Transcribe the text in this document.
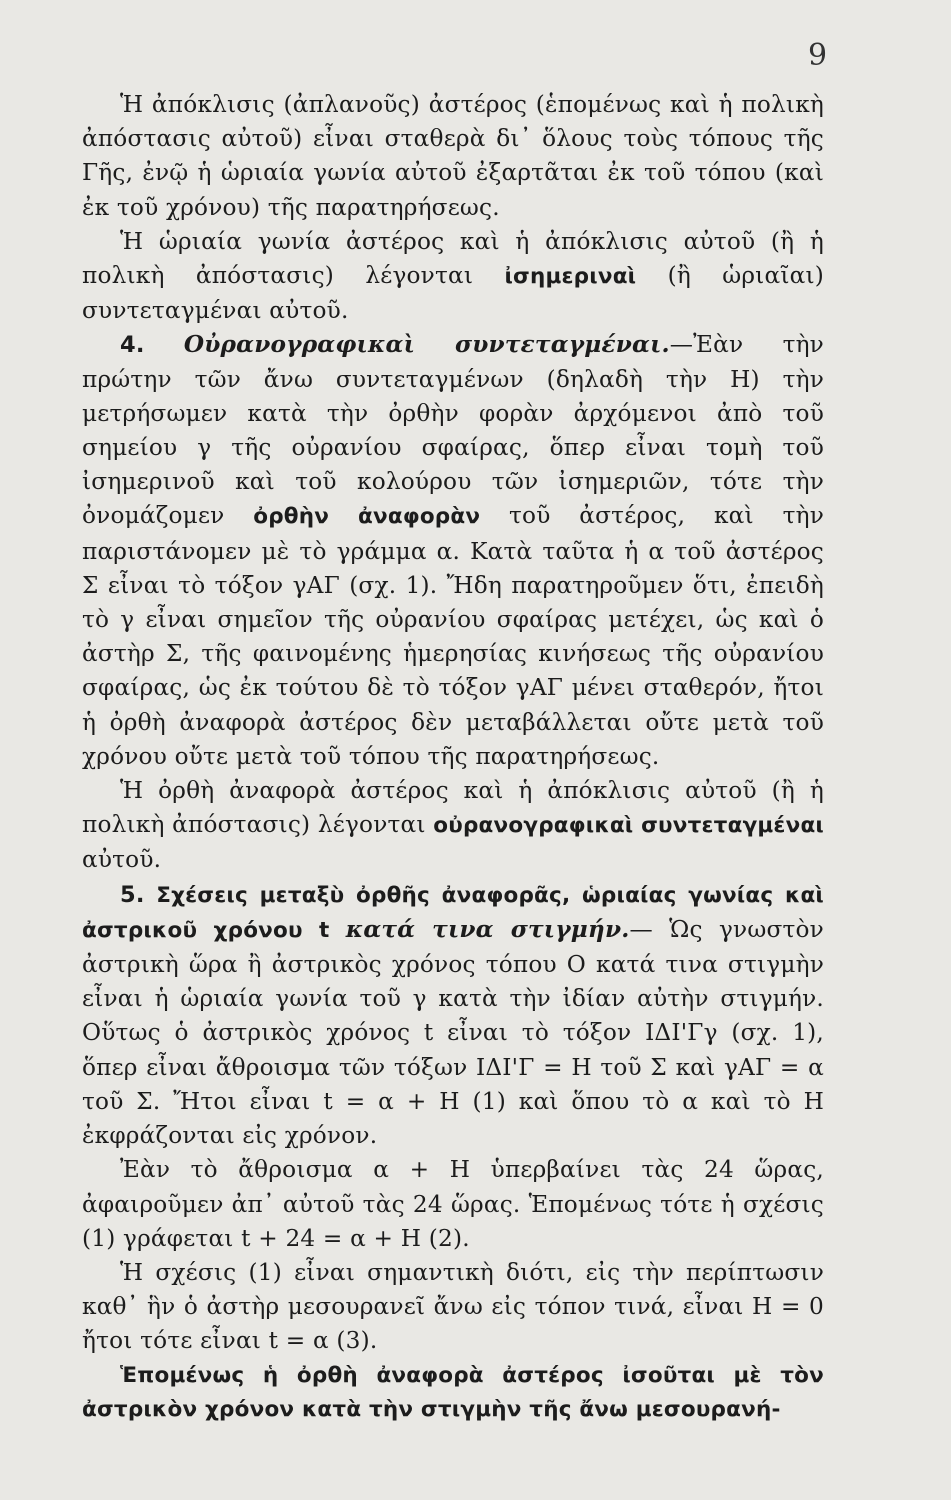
9

Ἡ ἀπόκλισις (ἀπλανοῦς) ἀστέρος (ἑπομένως καὶ ἡ πολικὴ ἀπόστασις αὐτοῦ) εἶναι σταθερὰ δι᾿ ὅλους τοὺς τόπους τῆς Γῆς, ἐνῷ ἡ ὡριαία γωνία αὐτοῦ ἐξαρτᾶται ἐκ τοῦ τόπου (καὶ ἐκ τοῦ χρόνου) τῆς παρατηρήσεως.

Ἡ ὡριαία γωνία ἀστέρος καὶ ἡ ἀπόκλισις αὐτοῦ (ἢ ἡ πολικὴ ἀπόστασις) λέγονται ἰσημεριναὶ (ἢ ὡριαῖαι) συντεταγμέναι αὐτοῦ.

4. Οὐρανογραφικαὶ συντεταγμέναι.—Ἐὰν τὴν πρώτην τῶν ἄνω συντεταγμένων (δηλαδὴ τὴν Η) τὴν μετρήσωμεν κατὰ τὴν ὀρθὴν φορὰν ἀρχόμενοι ἀπὸ τοῦ σημείου γ τῆς οὐρανίου σφαίρας, ὅπερ εἶναι τομὴ τοῦ ἰσημερινοῦ καὶ τοῦ κολούρου τῶν ἰσημεριῶν, τότε τὴν ὀνομάζομεν ὀρθὴν ἀναφορὰν τοῦ ἀστέρος, καὶ τὴν παριστάνομεν μὲ τὸ γράμμα α. Κατὰ ταῦτα ἡ α τοῦ ἀστέρος Σ εἶναι τὸ τόξον γΑΓ (σχ. 1). Ἤδη παρατηροῦμεν ὅτι, ἐπειδὴ τὸ γ εἶναι σημεῖον τῆς οὐρανίου σφαίρας μετέχει, ὡς καὶ ὁ ἀστὴρ Σ, τῆς φαινομένης ἡμερησίας κινήσεως τῆς οὐρανίου σφαίρας, ὡς ἐκ τούτου δὲ τὸ τόξον γΑΓ μένει σταθερόν, ἤτοι ἡ ὀρθὴ ἀναφορὰ ἀστέρος δὲν μεταβάλλεται οὔτε μετὰ τοῦ χρόνου οὔτε μετὰ τοῦ τόπου τῆς παρατηρήσεως.

Ἡ ὀρθὴ ἀναφορὰ ἀστέρος καὶ ἡ ἀπόκλισις αὐτοῦ (ἢ ἡ πολικὴ ἀπόστασις) λέγονται οὐρανογραφικαὶ συντεταγμέναι αὐτοῦ.

5. Σχέσεις μεταξὺ ὀρθῆς ἀναφορᾶς, ὡριαίας γωνίας καὶ ἀστρικοῦ χρόνου t κατά τινα στιγμήν.— Ὡς γνωστὸν ἀστρικὴ ὥρα ἢ ἀστρικὸς χρόνος τόπου Ο κατά τινα στιγμὴν εἶναι ἡ ὡριαία γωνία τοῦ γ κατὰ τὴν ἰδίαν αὐτὴν στιγμήν. Οὕτως ὁ ἀστρικὸς χρόνος t εἶναι τὸ τόξον ΙΔΙ'Γγ (σχ. 1), ὅπερ εἶναι ἄθροισμα τῶν τόξων ΙΔΙ'Γ = Η τοῦ Σ καὶ γΑΓ = α τοῦ Σ. Ἤτοι εἶναι t = α + Η (1) καὶ ὅπου τὸ α καὶ τὸ Η ἐκφράζονται εἰς χρόνον.

Ἐὰν τὸ ἄθροισμα α + Η ὑπερβαίνει τὰς 24 ὥρας, ἀφαιροῦμεν ἀπ᾿ αὐτοῦ τὰς 24 ὥρας. Ἑπομένως τότε ἡ σχέσις (1) γράφεται t + 24 = α + Η (2).

Ἡ σχέσις (1) εἶναι σημαντικὴ διότι, εἰς τὴν περίπτωσιν καθ᾿ ἣν ὁ ἀστὴρ μεσουρανεῖ ἄνω εἰς τόπον τινά, εἶναι Η = 0 ἤτοι τότε εἶναι t = α (3).

Ἑπομένως ἡ ὀρθὴ ἀναφορὰ ἀστέρος ἰσοῦται μὲ τὸν ἀστρικὸν χρόνον κατὰ τὴν στιγμὴν τῆς ἄνω μεσουρανή-
